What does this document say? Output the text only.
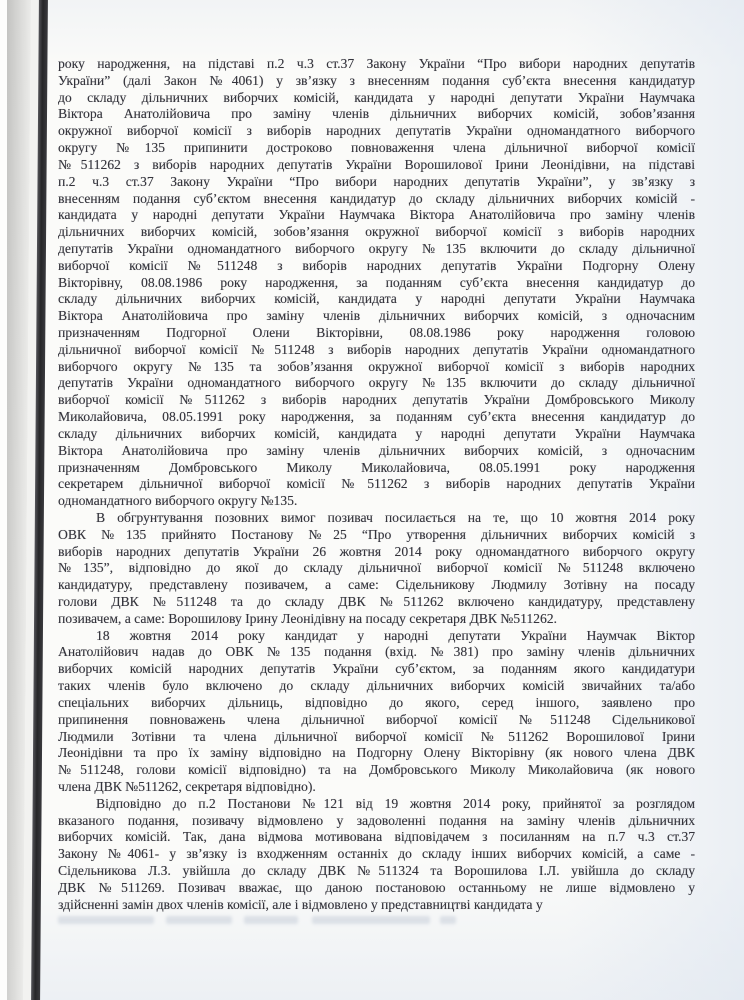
року народження, на підставі п.2 ч.3 ст.37 Закону України “Про вибори народних депутатів
України” (далі Закон №4061) у зв’язку з внесенням подання суб’єкта внесення кандидатур
до складу дільничних виборчих комісій, кандидата у народні депутати України Наумчака
Віктора Анатолійовича про заміну членів дільничних виборчих комісій, зобов’язання
окружної виборчої комісії з виборів народних депутатів України одномандатного виборчого
округу №135 припинити достроково повноваження члена дільничної виборчої комісії
№511262 з виборів народних депутатів України Ворошилової Ірини Леонідівни, на підставі
п.2 ч.3 ст.37 Закону України “Про вибори народних депутатів України”, у зв’язку з
внесенням подання суб’єктом внесення кандидатур до складу дільничних виборчих комісій -
кандидата у народні депутати України Наумчака Віктора Анатолійовича про заміну членів
дільничних виборчих комісій, зобов’язання окружної виборчої комісії з виборів народних
депутатів України одномандатного виборчого округу №135 включити до складу дільничної
виборчої комісії №511248 з виборів народних депутатів України Подгорну Олену
Вікторівну, 08.08.1986 року народження, за поданням суб’єкта внесення кандидатур до
складу дільничних виборчих комісій, кандидата у народні депутати України Наумчака
Віктора Анатолійовича про заміну членів дільничних виборчих комісій, з одночасним
призначенням Подгорної Олени Вікторівни, 08.08.1986 року народження головою
дільничної виборчої комісії №511248 з виборів народних депутатів України одномандатного
виборчого округу №135 та зобов’язання окружної виборчої комісії з виборів народних
депутатів України одномандатного виборчого округу №135 включити до складу дільничної
виборчої комісії №511262 з виборів народних депутатів України Домбровського Миколу
Миколайовича, 08.05.1991 року народження, за поданням суб’єкта внесення кандидатур до
складу дільничних виборчих комісій, кандидата у народні депутати України Наумчака
Віктора Анатолійовича про заміну членів дільничних виборчих комісій, з одночасним
призначенням Домбровського Миколу Миколайовича, 08.05.1991 року народження
секретарем дільничної виборчої комісії №511262 з виборів народних депутатів України
одномандатного виборчого округу №135.
В обгрунтування позовних вимог позивач посилається на те, що 10 жовтня 2014 року
ОВК №135 прийнято Постанову №25 “Про утворення дільничних виборчих комісій з
виборів народних депутатів України 26 жовтня 2014 року одномандатного виборчого округу
№135”, відповідно до якої до складу дільничної виборчої комісії №511248 включено
кандидатуру, представлену позивачем, а саме: Сідельникову Людмилу Зотівну на посаду
голови ДВК №511248 та до складу ДВК №511262 включено кандидатуру, представлену
позивачем, а саме: Ворошилову Ірину Леонідівну на посаду секретаря ДВК №511262.
18 жовтня 2014 року кандидат у народні депутати України Наумчак Віктор
Анатолійович надав до ОВК №135 подання (вхід. №381) про заміну членів дільничних
виборчих комісій народних депутатів України суб’єктом, за поданням якого кандидатури
таких членів було включено до складу дільничних виборчих комісій звичайних та/або
спеціальних виборчих дільниць, відповідно до якого, серед іншого, заявлено про
припинення повноважень члена дільничної виборчої комісії №511248 Сідельникової
Людмили Зотівни та члена дільничної виборчої комісії №511262 Ворошилової Ірини
Леонідівни та про їх заміну відповідно на Подгорну Олену Вікторівну (як нового члена ДВК
№511248, голови комісії відповідно) та на Домбровського Миколу Миколайовича (як нового
члена ДВК №511262, секретаря відповідно).
Відповідно до п.2 Постанови №121 від 19 жовтня 2014 року, прийнятої за розглядом
вказаного подання, позивачу відмовлено у задоволенні подання на заміну членів дільничних
виборчих комісій. Так, дана відмова мотивована відповідачем з посиланням на п.7 ч.3 ст.37
Закону №4061- у зв’язку із входженням останніх до складу інших виборчих комісій, а саме -
Сідельникова Л.З. увійшла до складу ДВК №511324 та Ворошилова І.Л. увійшла до складу
ДВК №511269. Позивач вважає, що даною постановою останньому не лише відмовлено у
здійсненні замін двох членів комісії, але і відмовлено у представництві кандидата у
